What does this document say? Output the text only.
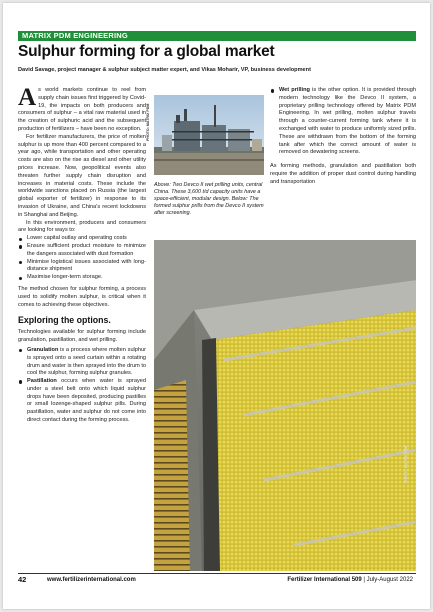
MATRIX PDM ENGINEERING
Sulphur forming for a global market
David Savage, project manager & sulphur subject matter expert, and Vikas Moharir, VP, business development

As world markets continue to reel from supply chain issues first triggered by Covid-19, the impacts on both producers and consumers of sulphur – a vital raw material used in the creation of sulphuric acid and the subsequent production of fertilizers – have been no exception.

For fertilizer manufacturers, the price of molten sulphur is up more than 400 percent compared to a year ago, while transportation and other operating costs are also on the rise as diesel and other utility prices increase. Now, geopolitical events also threaten further supply chain disruption and increases in material costs. These include the worldwide sanctions placed on Russia (the largest global exporter of fertilizer) in response to its invasion of Ukraine, and China's recent lockdowns in Shanghai and Beijing.

In this environment, producers and consumers are looking for ways to:

Lower capital outlay and operating costs
Ensure sufficient product moisture to minimize the dangers associated with dust formation
Minimise logistical issues associated with long-distance shipment
Maximise longer-term storage.

The method chosen for sulphur forming, a process used to solidify molten sulphur, is critical when it comes to achieving these objectives.

Exploring the options.

Technologies available for sulphur forming include granulation, pastillation, and wet prilling.

Granulation is a process where molten sulphur is sprayed onto a seed curtain within a rotating drum and water is then sprayed into the drum to cool the sulphur, forming sulphur granules.
Pastillation occurs when water is sprayed under a steel belt onto which liquid sulphur drops have been deposited, producing pastilles or small lozenge-shaped sulphur pills. During pastillation, water and sulphur do not come into direct contact during the forming process.
PHOTO: MATRIX PDM

Above: Two Devco II wet prilling units, central China. These 3,600 t/d capacity units have a space-efficient, modular design. Below: The formed sulphur prills from the Devco II system after screening.

Wet prilling is the other option. It is provided through modern technology like the Devco II system, a proprietary prilling technology offered by Matrix PDM Engineering. In wet prilling, molten sulphur travels through a counter-current forming tank where it is exchanged with water to produce uniformly sized prills. These are withdrawn from the bottom of the forming tank after which the correct amount of water is removed on dewatering screens.

As forming methods, granulation and pastillation both require the addition of proper dust control during handling and transportation

PHOTO: MATRIX PDM
42	www.fertilizerinternational.com	Fertilizer International 509 | July-August 2022
